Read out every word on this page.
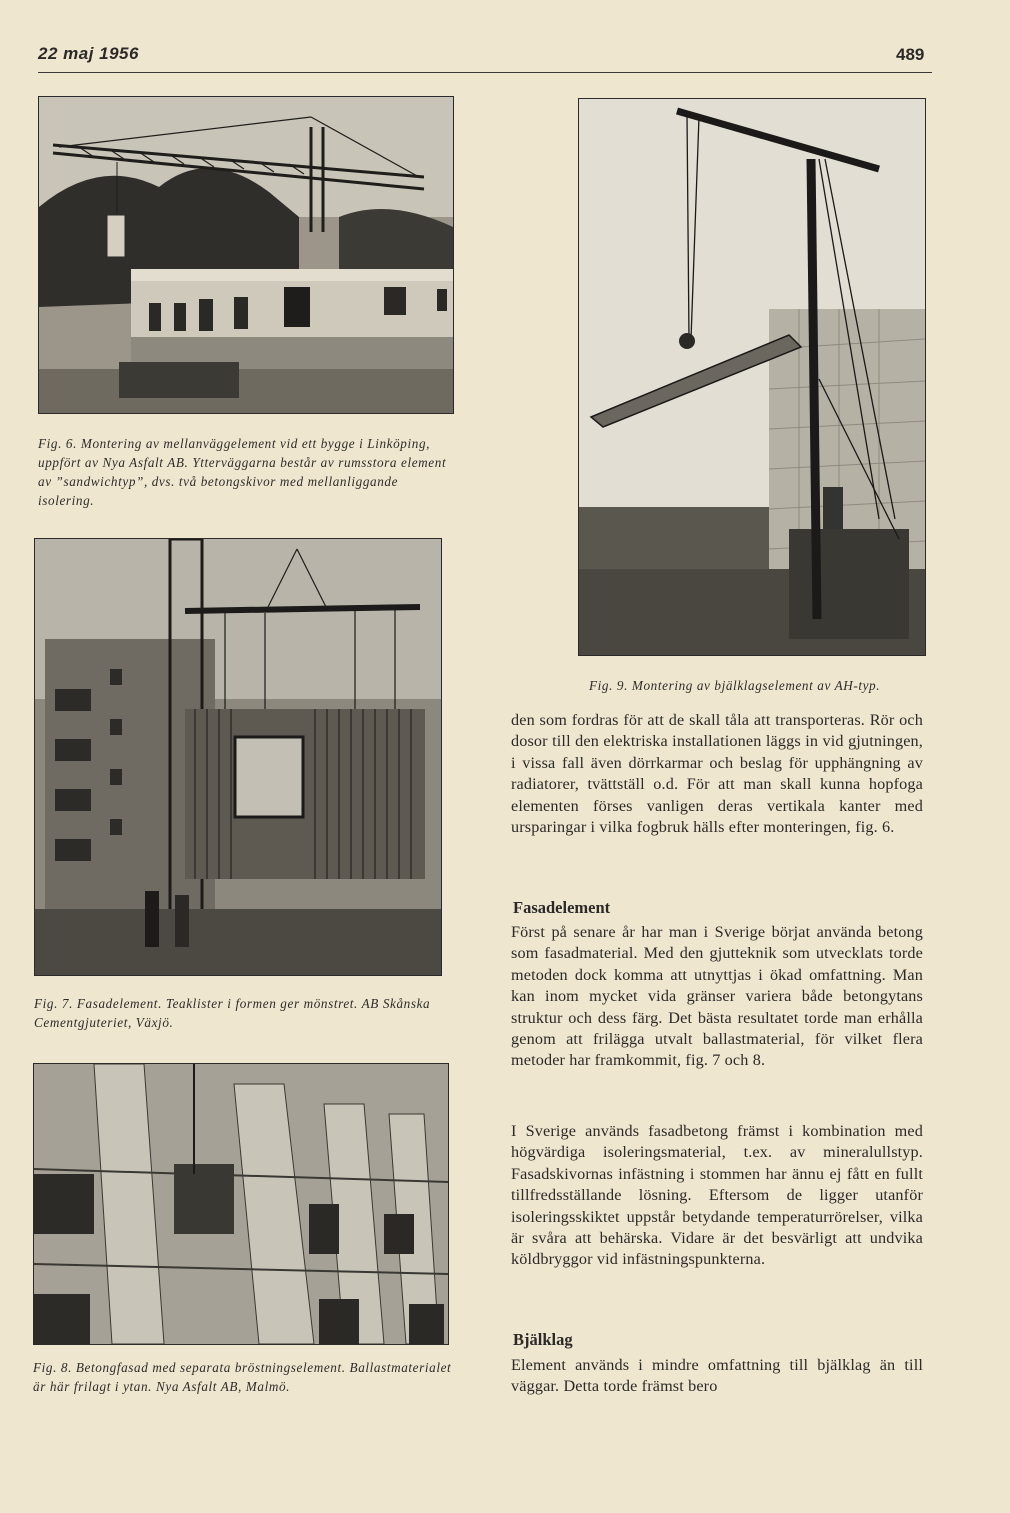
22 maj 1956	489
Fig. 6. Montering av mellanväggelement vid ett bygge i Linköping, uppfört av Nya Asfalt AB. Ytterväggarna består av rumsstora element av ”sandwichtyp”, dvs. två betongskivor med mellanliggande isolering.
Fig. 9. Montering av bjälklagselement av AH-typ.
Fig. 7. Fasadelement. Teaklister i formen ger mönstret. AB Skånska Cementgjuteriet, Växjö.
Fig. 8. Betongfasad med separata bröstningselement. Ballastmaterialet är här frilagt i ytan. Nya Asfalt AB, Malmö.

den som fordras för att de skall tåla att transporteras. Rör och dosor till den elektriska installationen läggs in vid gjutningen, i vissa fall även dörrkarmar och beslag för upphängning av radiatorer, tvättställ o.d. För att man skall kunna hopfoga elementen förses vanligen deras vertikala kanter med ursparingar i vilka fogbruk hälls efter monteringen, fig. 6.

Fasadelement

Först på senare år har man i Sverige börjat använda betong som fasadmaterial. Med den gjutteknik som utvecklats torde metoden dock komma att utnyttjas i ökad omfattning. Man kan inom mycket vida gränser variera både betongytans struktur och dess färg. Det bästa resultatet torde man erhålla genom att frilägga utvalt ballastmaterial, för vilket flera metoder har framkommit, fig. 7 och 8.

I Sverige används fasadbetong främst i kombination med högvärdiga isoleringsmaterial, t.ex. av mineralullstyp. Fasadskivornas infästning i stommen har ännu ej fått en fullt tillfredsställande lösning. Eftersom de ligger utanför isoleringsskiktet uppstår betydande temperaturrörelser, vilka är svåra att behärska. Vidare är det besvärligt att undvika köldbryggor vid infästningspunkterna.

Bjälklag

Element används i mindre omfattning till bjälklag än till väggar. Detta torde främst bero
